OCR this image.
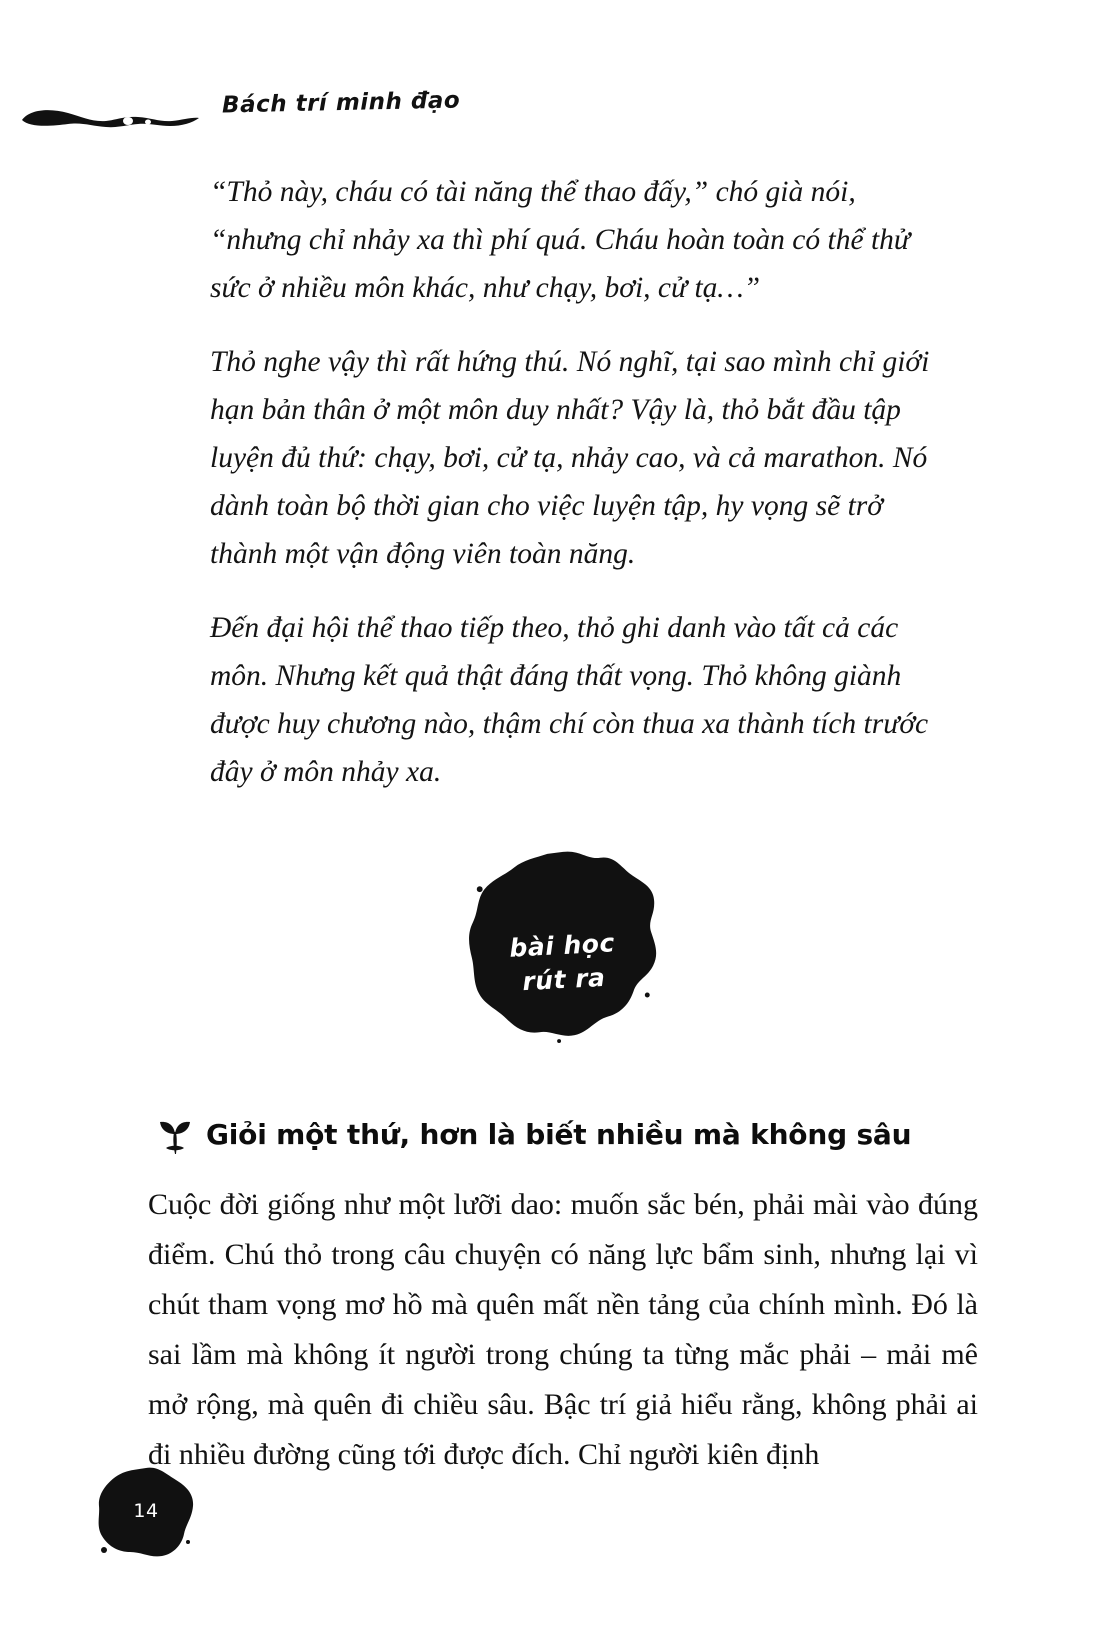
Bách trí minh đạo

“Thỏ này, cháu có tài năng thể thao đấy,” chó già nói, “nhưng chỉ nhảy xa thì phí quá. Cháu hoàn toàn có thể thử sức ở nhiều môn khác, như chạy, bơi, cử tạ…”

Thỏ nghe vậy thì rất hứng thú. Nó nghĩ, tại sao mình chỉ giới hạn bản thân ở một môn duy nhất? Vậy là, thỏ bắt đầu tập luyện đủ thứ: chạy, bơi, cử tạ, nhảy cao, và cả marathon. Nó dành toàn bộ thời gian cho việc luyện tập, hy vọng sẽ trở thành một vận động viên toàn năng.

Đến đại hội thể thao tiếp theo, thỏ ghi danh vào tất cả các môn. Nhưng kết quả thật đáng thất vọng. Thỏ không giành được huy chương nào, thậm chí còn thua xa thành tích trước đây ở môn nhảy xa.

bài học
rút ra
Giỏi một thứ, hơn là biết nhiều mà không sâu

Cuộc đời giống như một lưỡi dao: muốn sắc bén, phải mài vào đúng điểm. Chú thỏ trong câu chuyện có năng lực bẩm sinh, nhưng lại vì chút tham vọng mơ hồ mà quên mất nền tảng của chính mình. Đó là sai lầm mà không ít người trong chúng ta từng mắc phải – mải mê mở rộng, mà quên đi chiều sâu. Bậc trí giả hiểu rằng, không phải ai đi nhiều đường cũng tới được đích. Chỉ người kiên định

14
